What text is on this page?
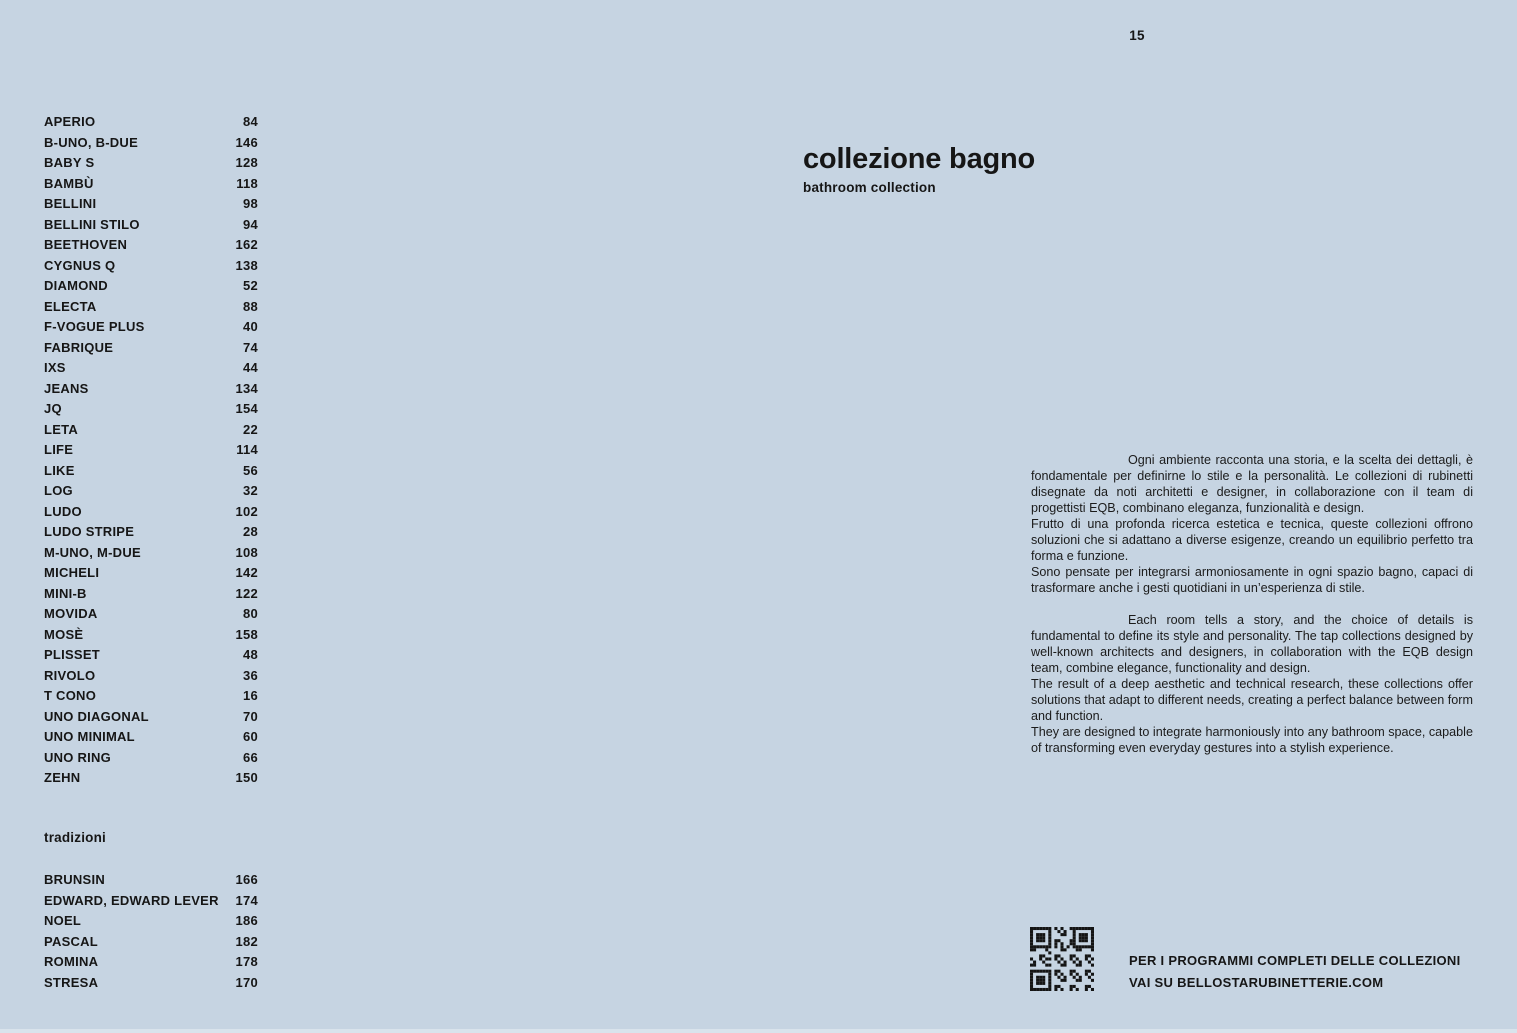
APERIO	84
B-UNO, B-DUE	146
BABY S	128
BAMBÙ	118
BELLINI	98
BELLINI STILO	94
BEETHOVEN	162
CYGNUS Q	138
DIAMOND	52
ELECTA	88
F-VOGUE PLUS	40
FABRIQUE	74
IXS	44
JEANS	134
JQ	154
LETA	22
LIFE	114
LIKE	56
LOG	32
LUDO	102
LUDO STRIPE	28
M-UNO, M-DUE	108
MICHELI	142
MINI-B	122
MOVIDA	80
MOSÈ	158
PLISSET	48
RIVOLO	36
T CONO	16
UNO DIAGONAL	70
UNO MINIMAL	60
UNO RING	66
ZEHN	150
tradizioni
BRUNSIN	166
EDWARD, EDWARD LEVER 174
NOEL	186
PASCAL	182
ROMINA	178
STRESA	170
15
collezione bagno
bathroom collection

Ogni ambiente racconta una storia, e la scelta dei dettagli, è fondamentale per definirne lo stile e la personalità. Le collezioni di rubinetti disegnate da noti architetti e designer, in collaborazione con il team di progettisti EQB, combinano eleganza, funzionalità e design.

Frutto di una profonda ricerca estetica e tecnica, queste collezioni offrono soluzioni che si adattano a diverse esigenze, creando un equilibrio perfetto tra forma e funzione.

Sono pensate per integrarsi armoniosamente in ogni spazio bagno, capaci di trasformare anche i gesti quotidiani in un’esperienza di stile.

Each room tells a story, and the choice of details is fundamental to define its style and personality. The tap collections designed by well-known architects and designers, in collaboration with the EQB design team, combine elegance, functionality and design.

The result of a deep aesthetic and technical research, these collections offer solutions that adapt to different needs, creating a perfect balance between form and function.

They are designed to integrate harmoniously into any bathroom space, capable of transforming even everyday gestures into a stylish experience.

PER I PROGRAMMI COMPLETI DELLE COLLEZIONI
VAI SU BELLOSTARUBINETTERIE.COM
